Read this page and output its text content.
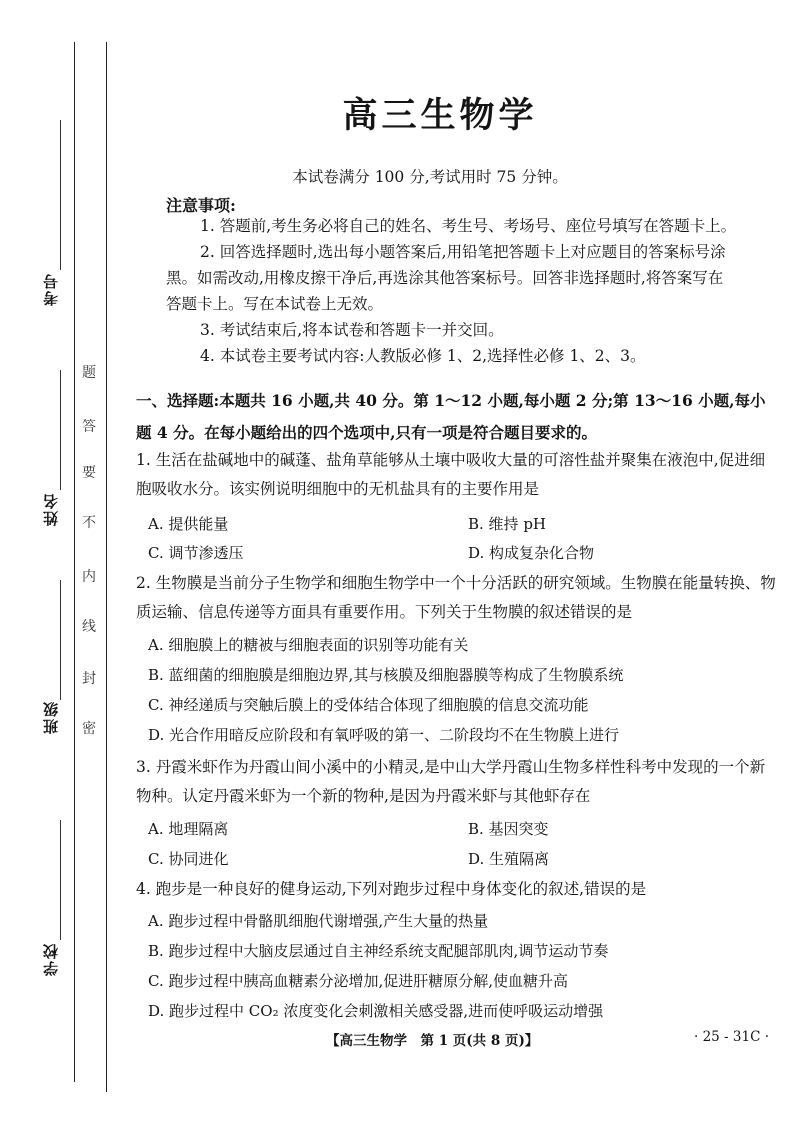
考号
姓名
班级
学校
题
答
要
不
内
线
封
密
高三生物学
本试卷满分 100 分,考试用时 75 分钟。
注意事项:
1. 答题前,考生务必将自己的姓名、考生号、考场号、座位号填写在答题卡上。
2. 回答选择题时,选出每小题答案后,用铅笔把答题卡上对应题目的答案标号涂
黑。如需改动,用橡皮擦干净后,再选涂其他答案标号。回答非选择题时,将答案写在
答题卡上。写在本试卷上无效。
3. 考试结束后,将本试卷和答题卡一并交回。
4. 本试卷主要考试内容:人教版必修 1、2,选择性必修 1、2、3。
一、选择题:本题共 16 小题,共 40 分。第 1～12 小题,每小题 2 分;第 13～16 小题,每小题 4 分。在每小题给出的四个选项中,只有一项是符合题目要求的。
1. 生活在盐碱地中的碱蓬、盐角草能够从土壤中吸收大量的可溶性盐并聚集在液泡中,促进细胞吸收水分。该实例说明细胞中的无机盐具有的主要作用是
A. 提供能量	B. 维持 pH
C. 调节渗透压	D. 构成复杂化合物
2. 生物膜是当前分子生物学和细胞生物学中一个十分活跃的研究领域。生物膜在能量转换、物质运输、信息传递等方面具有重要作用。下列关于生物膜的叙述错误的是
A. 细胞膜上的糖被与细胞表面的识别等功能有关
B. 蓝细菌的细胞膜是细胞边界,其与核膜及细胞器膜等构成了生物膜系统
C. 神经递质与突触后膜上的受体结合体现了细胞膜的信息交流功能
D. 光合作用暗反应阶段和有氧呼吸的第一、二阶段均不在生物膜上进行
3. 丹霞米虾作为丹霞山间小溪中的小精灵,是中山大学丹霞山生物多样性科考中发现的一个新物种。认定丹霞米虾为一个新的物种,是因为丹霞米虾与其他虾存在
A. 地理隔离	B. 基因突变
C. 协同进化	D. 生殖隔离
4. 跑步是一种良好的健身运动,下列对跑步过程中身体变化的叙述,错误的是
A. 跑步过程中骨骼肌细胞代谢增强,产生大量的热量
B. 跑步过程中大脑皮层通过自主神经系统支配腿部肌肉,调节运动节奏
C. 跑步过程中胰高血糖素分泌增加,促进肝糖原分解,使血糖升高
D. 跑步过程中 CO₂ 浓度变化会刺激相关感受器,进而使呼吸运动增强
【高三生物学　第 1 页(共 8 页)】	· 25 - 31C ·
